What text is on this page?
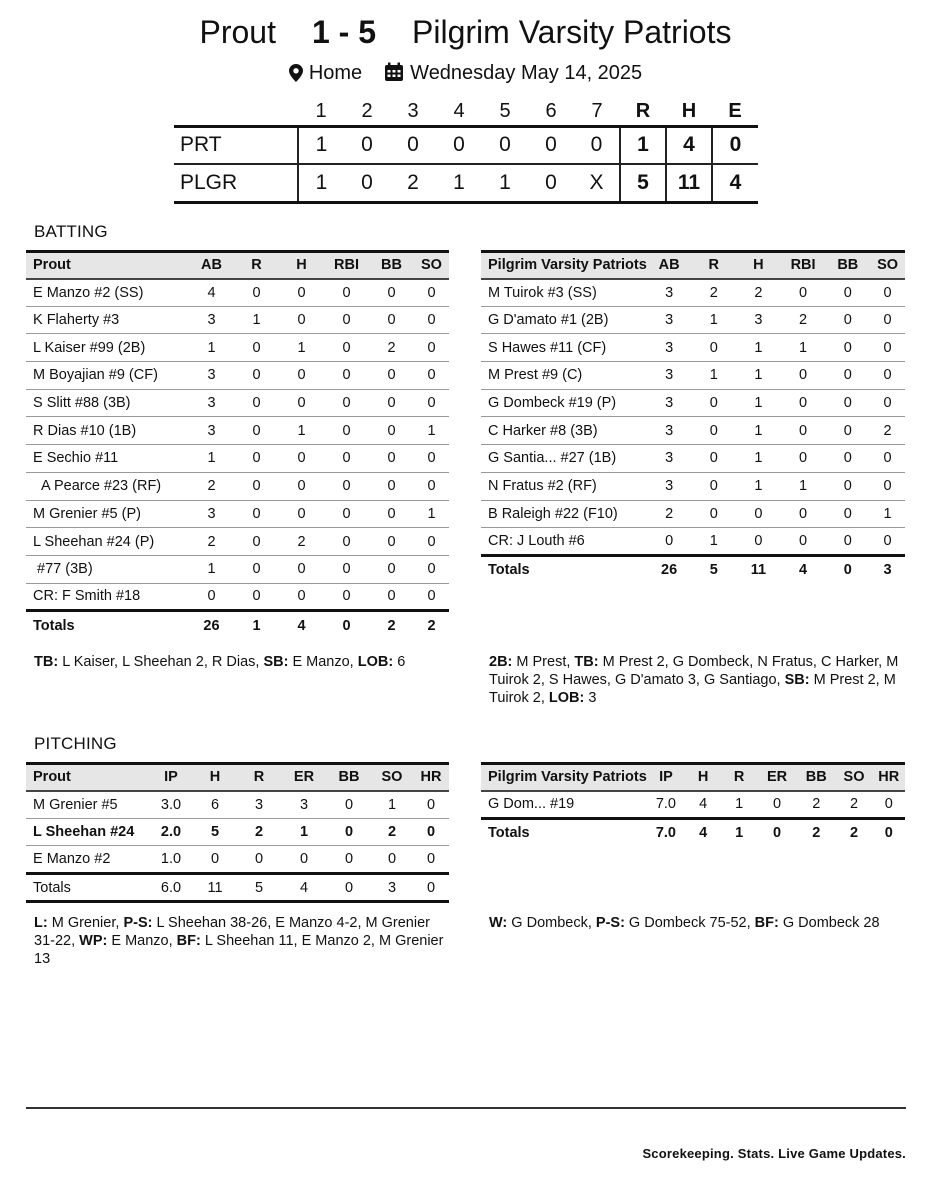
Prout 1 - 5 Pilgrim Varsity Patriots
Home Wednesday May 14, 2025
	1	2	3	4	5	6	7	R	H	E
PRT	1	0	0	0	0	0	0	1	4	0
PLGR	1	0	2	1	1	0	X	5	11	4
BATTING
Prout	AB	R	H	RBI	BB	SO
E Manzo #2 (SS)	4	0	0	0	0	0
K Flaherty #3	3	1	0	0	0	0
L Kaiser #99 (2B)	1	0	1	0	2	0
M Boyajian #9 (CF)	3	0	0	0	0	0
S Slitt #88 (3B)	3	0	0	0	0	0
R Dias #10 (1B)	3	0	1	0	0	1
E Sechio #11	1	0	0	0	0	0
A Pearce #23 (RF)	2	0	0	0	0	0
M Grenier #5 (P)	3	0	0	0	0	1
L Sheehan #24 (P)	2	0	2	0	0	0
#77 (3B)	1	0	0	0	0	0
CR: F Smith #18	0	0	0	0	0	0
Totals	26	1	4	0	2	2
Pilgrim Varsity Patriots	AB	R	H	RBI	BB	SO
M Tuirok #3 (SS)	3	2	2	0	0	0
G D'amato #1 (2B)	3	1	3	2	0	0
S Hawes #11 (CF)	3	0	1	1	0	0
M Prest #9 (C)	3	1	1	0	0	0
G Dombeck #19 (P)	3	0	1	0	0	0
C Harker #8 (3B)	3	0	1	0	0	2
G Santia... #27 (1B)	3	0	1	0	0	0
N Fratus #2 (RF)	3	0	1	1	0	0
B Raleigh #22 (F10)	2	0	0	0	0	1
CR: J Louth #6	0	1	0	0	0	0
Totals	26	5	11	4	0	3
TB: L Kaiser, L Sheehan 2, R Dias, SB: E Manzo, LOB: 6	2B: M Prest, TB: M Prest 2, G Dombeck, N Fratus, C Harker, M Tuirok 2, S Hawes, G D'amato 3, G Santiago, SB: M Prest 2, M Tuirok 2, LOB: 3
PITCHING
Prout	IP	H	R	ER	BB	SO	HR
M Grenier #5	3.0	6	3	3	0	1	0
L Sheehan #24	2.0	5	2	1	0	2	0
E Manzo #2	1.0	0	0	0	0	0	0
Totals	6.0	11	5	4	0	3	0
Pilgrim Varsity Patriots	IP	H	R	ER	BB	SO	HR
G Dom... #19	7.0	4	1	0	2	2	0
Totals	7.0	4	1	0	2	2	0
L: M Grenier, P-S: L Sheehan 38-26, E Manzo 4-2, M Grenier 31-22, WP: E Manzo, BF: L Sheehan 11, E Manzo 2, M Grenier 13
W: G Dombeck, P-S: G Dombeck 75-52, BF: G Dombeck 28
Scorekeeping. Stats. Live Game Updates.
